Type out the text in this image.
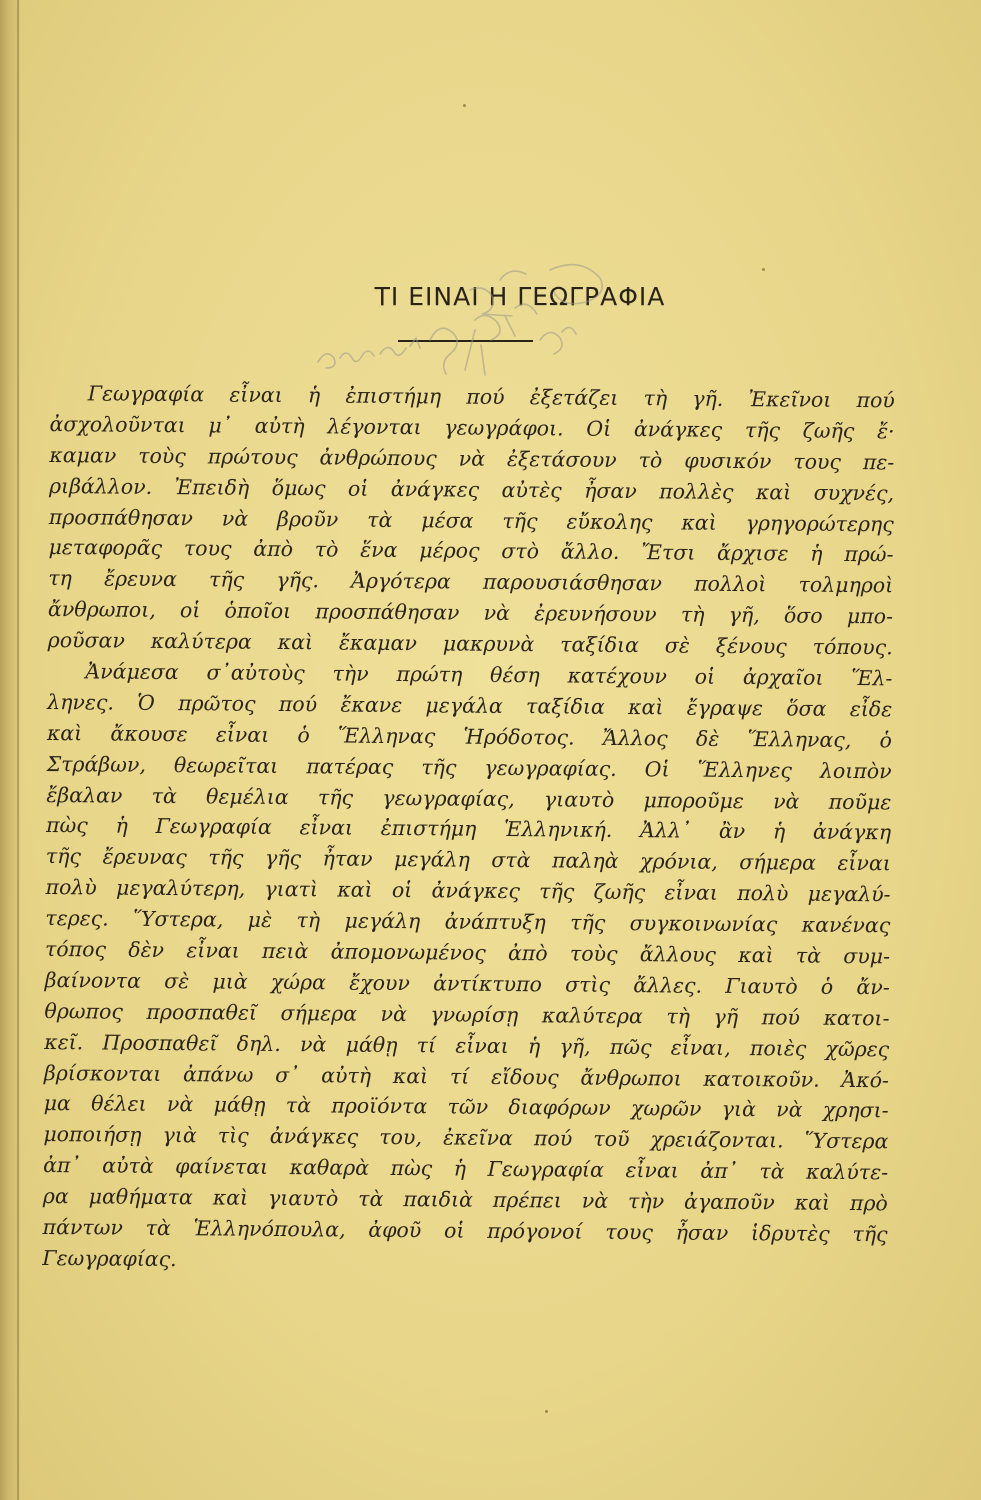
ΤΙ ΕΙΝΑΙ Η ΓΕΩΓΡΑΦΙΑ
Γεωγραφία εἶναι ἡ ἐπιστήμη πού ἐξετάζει τὴ γῆ. Ἐκεῖνοι πού
ἀσχολοῦνται μ᾽ αὐτὴ λέγονται γεωγράφοι. Οἱ ἀνάγκες τῆς ζωῆς ἔ·
καμαν τοὺς πρώτους ἀνθρώπους νὰ ἐξετάσουν τὸ φυσικόν τους πε-
ριβάλλον. Ἐπειδὴ ὅμως οἱ ἀνάγκες αὐτὲς ἦσαν πολλὲς καὶ συχνές,
προσπάθησαν νὰ βροῦν τὰ μέσα τῆς εὔκολης καὶ γρηγορώτερης
μεταφορᾶς τους ἀπὸ τὸ ἕνα μέρος στὸ ἄλλο. Ἔτσι ἄρχισε ἡ πρώ-
τη ἔρευνα τῆς γῆς. Ἀργότερα παρουσιάσθησαν πολλοὶ τολμηροὶ
ἄνθρωποι, οἱ ὁποῖοι προσπάθησαν νὰ ἐρευνήσουν τὴ γῆ, ὅσο μπο-
ροῦσαν καλύτερα καὶ ἔκαμαν μακρυνὰ ταξίδια σὲ ξένους τόπους.
Ἀνάμεσα σ᾽αὐτοὺς τὴν πρώτη θέση κατέχουν οἱ ἀρχαῖοι Ἕλ-
ληνες. Ὁ πρῶτος πού ἔκανε μεγάλα ταξίδια καὶ ἔγραψε ὅσα εἶδε
καὶ ἄκουσε εἶναι ὁ Ἕλληνας Ἡρόδοτος. Ἄλλος δὲ Ἕλληνας, ὁ
Στράβων, θεωρεῖται πατέρας τῆς γεωγραφίας. Οἱ Ἕλληνες λοιπὸν
ἔβαλαν τὰ θεμέλια τῆς γεωγραφίας, γιαυτὸ μποροῦμε νὰ ποῦμε
πὼς ἡ Γεωγραφία εἶναι ἐπιστήμη Ἑλληνική. Ἀλλ᾽ ἂν ἡ ἀνάγκη
τῆς ἔρευνας τῆς γῆς ἦταν μεγάλη στὰ παληὰ χρόνια, σήμερα εἶναι
πολὺ μεγαλύτερη, γιατὶ καὶ οἱ ἀνάγκες τῆς ζωῆς εἶναι πολὺ μεγαλύ-
τερες. Ὕστερα, μὲ τὴ μεγάλη ἀνάπτυξη τῆς συγκοινωνίας κανένας
τόπος δὲν εἶναι πειὰ ἀπομονωμένος ἀπὸ τοὺς ἄλλους καὶ τὰ συμ-
βαίνοντα σὲ μιὰ χώρα ἔχουν ἀντίκτυπο στὶς ἄλλες. Γιαυτὸ ὁ ἄν-
θρωπος προσπαθεῖ σήμερα νὰ γνωρίσῃ καλύτερα τὴ γῆ πού κατοι-
κεῖ. Προσπαθεῖ δηλ. νὰ μάθῃ τί εἶναι ἡ γῆ, πῶς εἶναι, ποιὲς χῶρες
βρίσκονται ἀπάνω σ᾽ αὐτὴ καὶ τί εἴδους ἄνθρωποι κατοικοῦν. Ἀκό-
μα θέλει νὰ μάθῃ τὰ προϊόντα τῶν διαφόρων χωρῶν γιὰ νὰ χρησι-
μοποιήσῃ γιὰ τὶς ἀνάγκες του, ἐκεῖνα πού τοῦ χρειάζονται. Ὕστερα
ἀπ᾽ αὐτὰ φαίνεται καθαρὰ πὼς ἡ Γεωγραφία εἶναι ἀπ᾽ τὰ καλύτε-
ρα μαθήματα καὶ γιαυτὸ τὰ παιδιὰ πρέπει νὰ τὴν ἀγαποῦν καὶ πρὸ
πάντων τὰ Ἑλληνόπουλα, ἀφοῦ οἱ πρόγονοί τους ἦσαν ἱδρυτὲς τῆς
Γεωγραφίας.
